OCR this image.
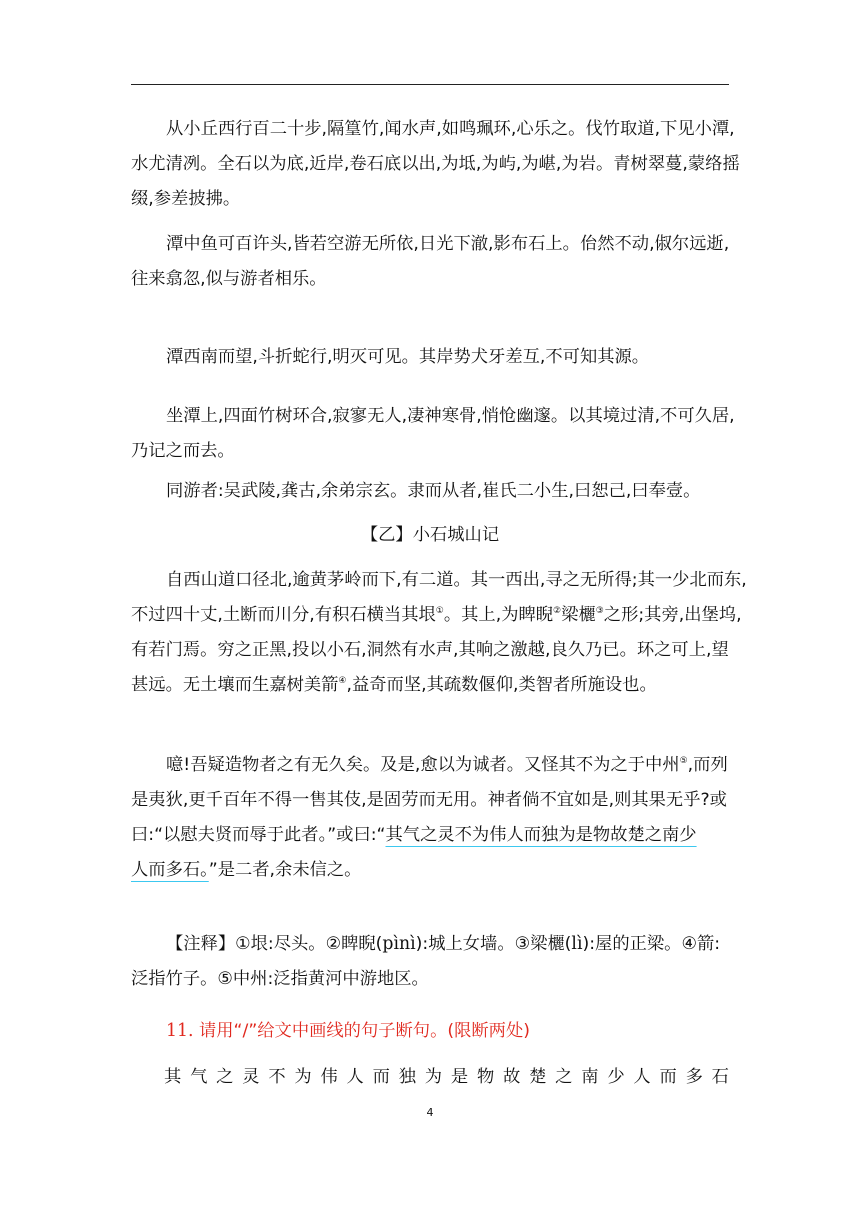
从小丘西行百二十步,隔篁竹,闻水声,如鸣珮环,心乐之。伐竹取道,下见小潭,
水尤清冽。全石以为底,近岸,卷石底以出,为坻,为屿,为嵁,为岩。青树翠蔓,蒙络摇
缀,参差披拂。
潭中鱼可百许头,皆若空游无所依,日光下澈,影布石上。佁然不动,俶尔远逝,
往来翕忽,似与游者相乐。
潭西南而望,斗折蛇行,明灭可见。其岸势犬牙差互,不可知其源。
坐潭上,四面竹树环合,寂寥无人,凄神寒骨,悄怆幽邃。以其境过清,不可久居,
乃记之而去。
同游者:吴武陵,龚古,余弟宗玄。隶而从者,崔氏二小生,曰恕己,曰奉壹。
【乙】小石城山记
自西山道口径北,逾黄茅岭而下,有二道。其一西出,寻之无所得;其一少北而东,
不过四十丈,土断而川分,有积石横当其垠①。其上,为睥睨②梁欐③之形;其旁,出堡坞,
有若门焉。穷之正黑,投以小石,洞然有水声,其响之激越,良久乃已。环之可上,望
甚远。无土壤而生嘉树美箭④,益奇而坚,其疏数偃仰,类智者所施设也。
噫!吾疑造物者之有无久矣。及是,愈以为诚者。又怪其不为之于中州⑤,而列
是夷狄,更千百年不得一售其伎,是固劳而无用。神者倘不宜如是,则其果无乎?或
曰:“以慰夫贤而辱于此者。”或曰:“其气之灵不为伟人而独为是物故楚之南少
人而多石。”是二者,余未信之。
【注释】①垠:尽头。②睥睨(pìnì):城上女墙。③梁欐(lì):屋的正梁。④箭:
泛指竹子。⑤中州:泛指黄河中游地区。
11. 请用“/”给文中画线的句子断句。(限断两处)
其 气 之 灵 不 为 伟 人 而 独 为 是 物 故 楚 之 南 少 人 而 多 石
4
